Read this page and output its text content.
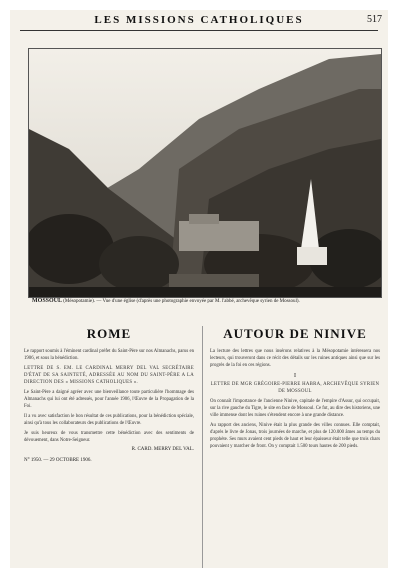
LES MISSIONS CATHOLIQUES	517
MOSSOUL (Mésopotamie). — Vue d'une église (d'après une photographie envoyée par M. l'abbé, archevêque syrien de Mossoul).
ROME

Le rapport soumis à l'éminent cardinal préfet du Saint-Père sur nos Almanachs, parus en 1906, et sous la bénédiction.

LETTRE DE S. EM. LE CARDINAL MERRY DEL VAL SECRÉTAIRE D'ÉTAT DE SA SAINTETÉ, ADRESSÉE AU NOM DU SAINT-PÈRE A LA DIRECTION DES « MISSIONS CATHOLIQUES ».

Le Saint-Père a daigné agréer avec une bienveillance toute particulière l'hommage des Almanachs qui lui ont été adressés, pour l'année 1906, l'Œuvre de la Propagation de la Foi.

Il a vu avec satisfaction le bon résultat de ces publications, pour la bénédiction spéciale, ainsi qu'à tous les collaborateurs des publications de l'Œuvre.

Je suis heureux de vous transmettre cette bénédiction avec des sentiments de dévouement, dans Notre-Seigneur.

R. CARD. MERRY DEL VAL.
N° 1950. — 29 OCTOBRE 1906.
AUTOUR DE NINIVE

La lecture des lettres que nous insérons relatives à la Mésopotamie intéressera nos lecteurs, qui trouveront dans ce récit des détails sur les ruines antiques ainsi que sur les progrès de la foi en ces régions.

I

LETTRE DE MGR GRÉGOIRE-PIERRE HABRA, ARCHEVÊQUE SYRIEN DE MOSSOUL

On connaît l'importance de l'ancienne Ninive, capitale de l'empire d'Assur, qui occupait, sur la rive gauche du Tigre, le site en face de Mossoul. Ce fut, au dire des historiens, une ville immense dont les ruines s'étendent encore à une grande distance.

Au rapport des anciens, Ninive était la plus grande des villes connues. Elle comptait, d'après le livre de Jonas, trois journées de marche, et plus de 120.000 âmes au temps du prophète. Ses murs avaient cent pieds de haut et leur épaisseur était telle que trois chars pouvaient y marcher de front. On y comptait 1.500 tours hautes de 200 pieds.
